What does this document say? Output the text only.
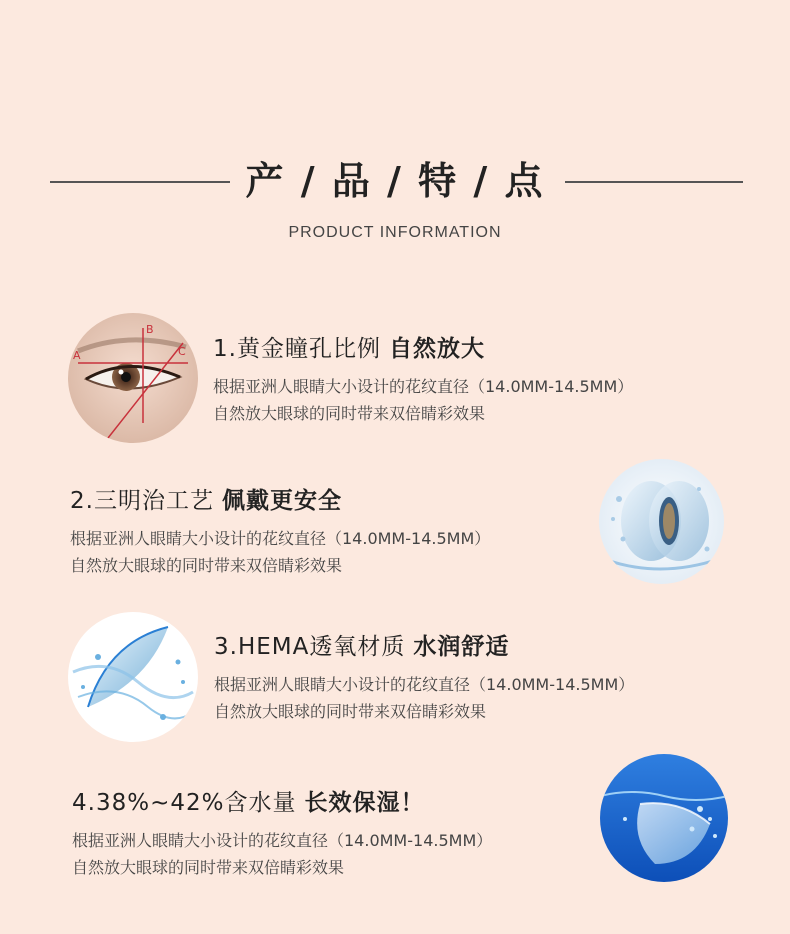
产 / 品 / 特 / 点
PRODUCT INFORMATION
A
B
C 1.黄金瞳孔比例 自然放大

根据亚洲人眼睛大小设计的花纹直径（14.0MM-14.5MM）
自然放大眼球的同时带来双倍睛彩效果

2.三明治工艺 佩戴更安全

根据亚洲人眼睛大小设计的花纹直径（14.0MM-14.5MM）
自然放大眼球的同时带来双倍睛彩效果

3.HEMA透氧材质 水润舒适

根据亚洲人眼睛大小设计的花纹直径（14.0MM-14.5MM）
自然放大眼球的同时带来双倍睛彩效果

4.38%~42%含水量 长效保湿！

根据亚洲人眼睛大小设计的花纹直径（14.0MM-14.5MM）
自然放大眼球的同时带来双倍睛彩效果
